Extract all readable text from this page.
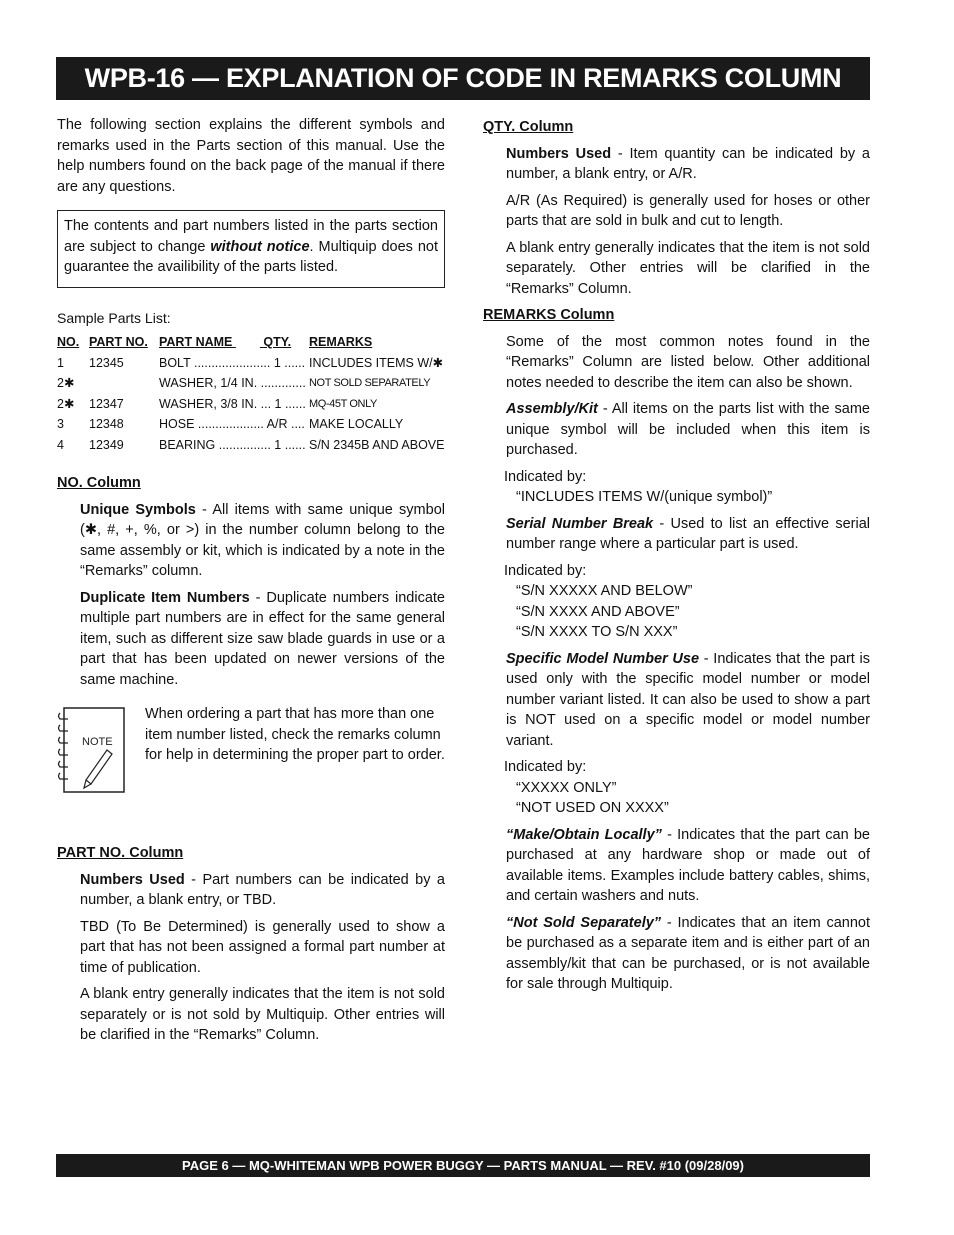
WPB-16 — EXPLANATION OF CODE IN REMARKS COLUMN

The following section explains the different symbols and remarks used in the Parts section of this manual. Use the help numbers found on the back page of the manual if there are any questions.

The contents and part numbers listed in the parts section are subject to change without notice. Multiquip does not guarantee the availibility of the parts listed.

Sample Parts List:

NO.	PART NO.	PART NAME QTY.	REMARKS
1	12345	BOLT ...................... 1 ......	INCLUDES ITEMS W/✱
2✱		WASHER, 1/4 IN. .............	NOT SOLD SEPARATELY
2✱	12347	WASHER, 3/8 IN. ... 1 ......	MQ-45T ONLY
3	12348	HOSE ................... A/R ....	MAKE LOCALLY
4	12349	BEARING ............... 1 ......	S/N 2345B AND ABOVE

NO. Column

Unique Symbols - All items with same unique symbol (✱, #, +, %, or >) in the number column belong to the same assembly or kit, which is indicated by a note in the “Remarks” column.

Duplicate Item Numbers - Duplicate numbers indicate multiple part numbers are in effect for the same general item, such as different size saw blade guards in use or a part that has been updated on newer versions of the same machine.

NOTE

When ordering a part that has more than one item number listed, check the remarks column for help in determining the proper part to order.

PART NO. Column

Numbers Used - Part numbers can be indicated by a number, a blank entry, or TBD.

TBD (To Be Determined) is generally used to show a part that has not been assigned a formal part number at time of publication.

A blank entry generally indicates that the item is not sold separately or is not sold by Multiquip. Other entries will be clarified in the “Remarks” Column.

QTY. Column

Numbers Used - Item quantity can be indicated by a number, a blank entry, or A/R.

A/R (As Required) is generally used for hoses or other parts that are sold in bulk and cut to length.

A blank entry generally indicates that the item is not sold separately. Other entries will be clarified in the “Remarks” Column.

REMARKS Column

Some of the most common notes found in the “Remarks” Column are listed below. Other additional notes needed to describe the item can also be shown.

Assembly/Kit - All items on the parts list with the same unique symbol will be included when this item is purchased.

Indicated by:

“INCLUDES ITEMS W/(unique symbol)”

Serial Number Break - Used to list an effective serial number range where a particular part is used.

Indicated by:

“S/N XXXXX AND BELOW”

“S/N XXXX AND ABOVE”

“S/N XXXX TO S/N XXX”

Specific Model Number Use - Indicates that the part is used only with the specific model number or model number variant listed. It can also be used to show a part is NOT used on a specific model or model number variant.

Indicated by:

“XXXXX ONLY”

“NOT USED ON XXXX”

“Make/Obtain Locally” - Indicates that the part can be purchased at any hardware shop or made out of available items. Examples include battery cables, shims, and certain washers and nuts.

“Not Sold Separately” - Indicates that an item cannot be purchased as a separate item and is either part of an assembly/kit that can be purchased, or is not available for sale through Multiquip.

PAGE 6 — MQ-WHITEMAN WPB POWER BUGGY — PARTS MANUAL — REV. #10 (09/28/09)
